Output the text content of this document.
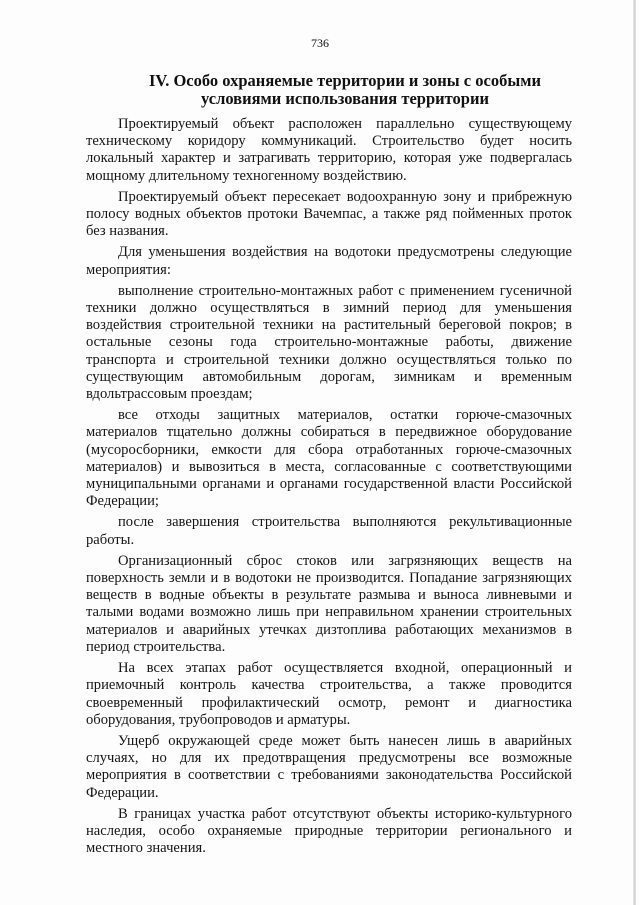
736
IV. Особо охраняемые территории и зоны с особыми условиями использования территории

Проектируемый объект расположен параллельно существующему техническому коридору коммуникаций. Строительство будет носить локальный характер и затрагивать территорию, которая уже подвергалась мощному длительному техногенному воздействию.

Проектируемый объект пересекает водоохранную зону и прибрежную полосу водных объектов протоки Вачемпас, а также ряд пойменных проток без названия.

Для уменьшения воздействия на водотоки предусмотрены следующие мероприятия:

выполнение строительно-монтажных работ с применением гусеничной техники должно осуществляться в зимний период для уменьшения воздействия строительной техники на растительный береговой покров; в остальные сезоны года строительно-монтажные работы, движение транспорта и строительной техники должно осуществляться только по существующим автомобильным дорогам, зимникам и временным вдольтрассовым проездам;

все отходы защитных материалов, остатки горюче-смазочных материалов тщательно должны собираться в передвижное оборудование (мусоросборники, емкости для сбора отработанных горюче-смазочных материалов) и вывозиться в места, согласованные с соответствующими муниципальными органами и органами государственной власти Российской Федерации;

после завершения строительства выполняются рекультивационные работы.

Организационный сброс стоков или загрязняющих веществ на поверхность земли и в водотоки не производится. Попадание загрязняющих веществ в водные объекты в результате размыва и выноса ливневыми и талыми водами возможно лишь при неправильном хранении строительных материалов и аварийных утечках дизтоплива работающих механизмов в период строительства.

На всех этапах работ осуществляется входной, операционный и приемочный контроль качества строительства, а также проводится своевременный профилактический осмотр, ремонт и диагностика оборудования, трубопроводов и арматуры.

Ущерб окружающей среде может быть нанесен лишь в аварийных случаях, но для их предотвращения предусмотрены все возможные мероприятия в соответствии с требованиями законодательства Российской Федерации.

В границах участка работ отсутствуют объекты историко-культурного наследия, особо охраняемые природные территории регионального и местного значения.
